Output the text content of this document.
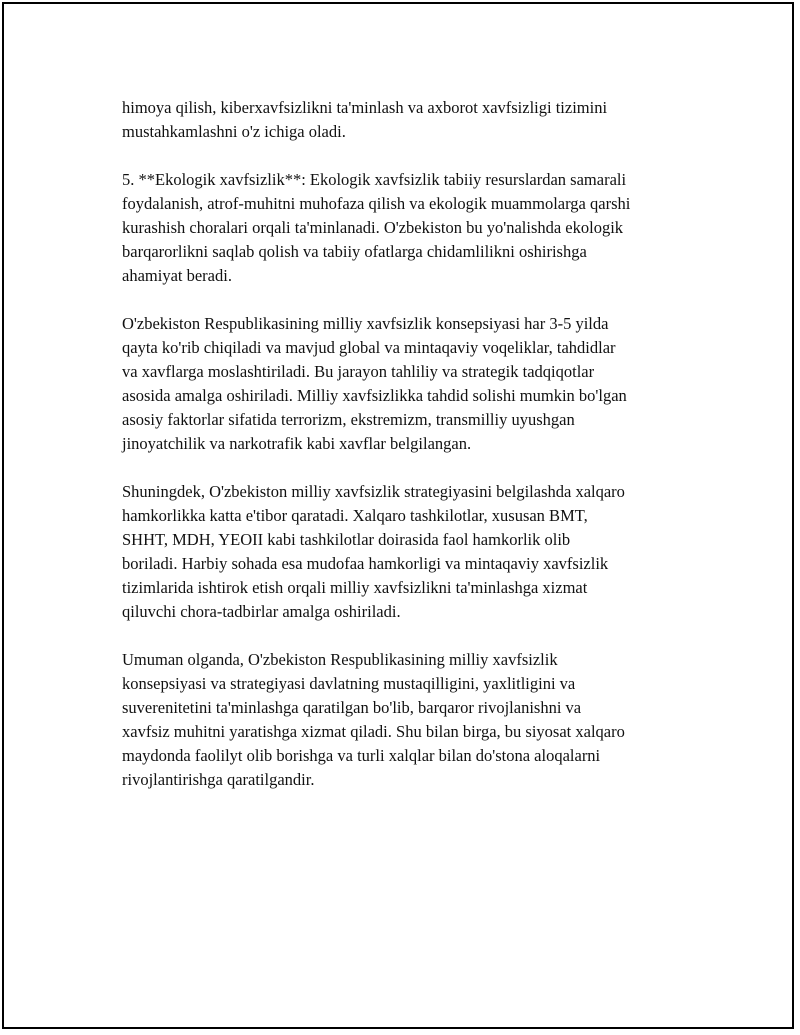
himoya qilish, kiberxavfsizlikni ta'minlash va axborot xavfsizligi tizimini
mustahkamlashni o'z ichiga oladi.

5. **Ekologik xavfsizlik**: Ekologik xavfsizlik tabiiy resurslardan samarali
foydalanish, atrof-muhitni muhofaza qilish va ekologik muammolarga qarshi
kurashish choralari orqali ta'minlanadi. O'zbekiston bu yo'nalishda ekologik
barqarorlikni saqlab qolish va tabiiy ofatlarga chidamlilikni oshirishga
ahamiyat beradi.

O'zbekiston Respublikasining milliy xavfsizlik konsepsiyasi har 3-5 yilda
qayta ko'rib chiqiladi va mavjud global va mintaqaviy voqeliklar, tahdidlar
va xavflarga moslashtiriladi. Bu jarayon tahliliy va strategik tadqiqotlar
asosida amalga oshiriladi. Milliy xavfsizlikka tahdid solishi mumkin bo'lgan
asosiy faktorlar sifatida terrorizm, ekstremizm, transmilliy uyushgan
jinoyatchilik va narkotrafik kabi xavflar belgilangan.

Shuningdek, O'zbekiston milliy xavfsizlik strategiyasini belgilashda xalqaro
hamkorlikka katta e'tibor qaratadi. Xalqaro tashkilotlar, xususan BMT,
SHHT, MDH, YEOII kabi tashkilotlar doirasida faol hamkorlik olib
boriladi. Harbiy sohada esa mudofaa hamkorligi va mintaqaviy xavfsizlik
tizimlarida ishtirok etish orqali milliy xavfsizlikni ta'minlashga xizmat
qiluvchi chora-tadbirlar amalga oshiriladi.

Umuman olganda, O'zbekiston Respublikasining milliy xavfsizlik
konsepsiyasi va strategiyasi davlatning mustaqilligini, yaxlitligini va
suverenitetini ta'minlashga qaratilgan bo'lib, barqaror rivojlanishni va
xavfsiz muhitni yaratishga xizmat qiladi. Shu bilan birga, bu siyosat xalqaro
maydonda faolilyt olib borishga va turli xalqlar bilan do'stona aloqalarni
rivojlantirishga qaratilgandir.
